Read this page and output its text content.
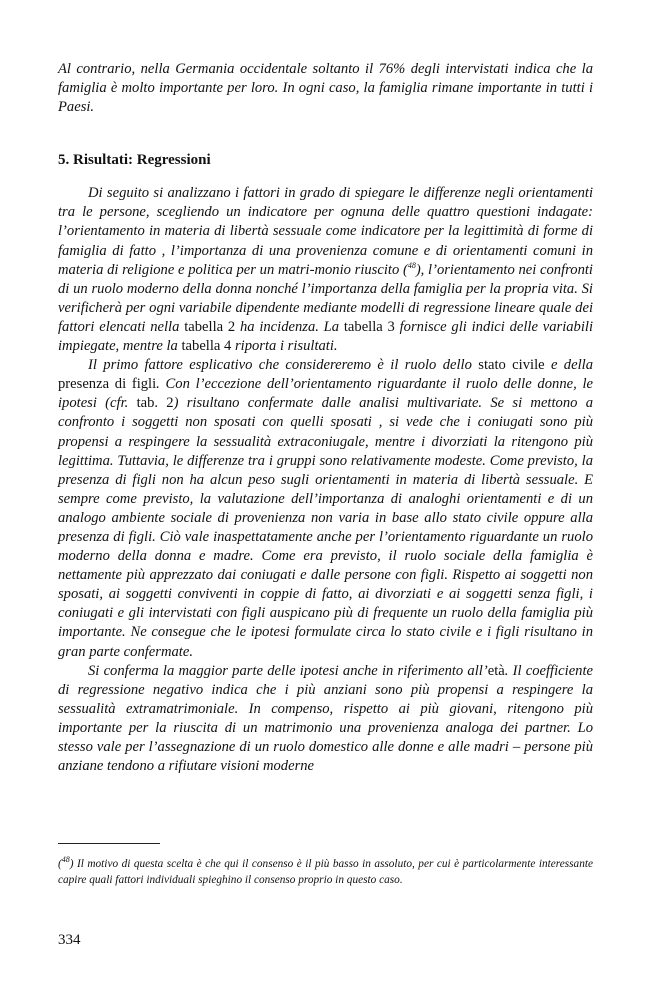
Al contrario, nella Germania occidentale soltanto il 76% degli intervistati indica che la famiglia è molto importante per loro. In ogni caso, la famiglia rimane importante in tutti i Paesi.

5. Risultati: Regressioni

Di seguito si analizzano i fattori in grado di spiegare le differenze negli orientamenti tra le persone, scegliendo un indicatore per ognuna delle quattro questioni indagate: l’orientamento in materia di libertà sessuale come indicatore per la legittimità di forme di famiglia di fatto , l’importanza di una provenienza comune e di orientamenti comuni in materia di religione e politica per un matri-monio riuscito ($^{48}$), l’orientamento nei confronti di un ruolo moderno della donna nonché l’importanza della famiglia per la propria vita. Si verificherà per ogni variabile dipendente mediante modelli di regressione lineare quale dei fattori elencati nella tabella 2 ha incidenza. La tabella 3 fornisce gli indici delle variabili impiegate, mentre la tabella 4 riporta i risultati.

Il primo fattore esplicativo che considereremo è il ruolo dello stato civile e della presenza di figli. Con l’eccezione dell’orientamento riguardante il ruolo delle donne, le ipotesi (cfr. tab. 2) risultano confermate dalle analisi multivariate. Se si mettono a confronto i soggetti non sposati con quelli sposati , si vede che i coniugati sono più propensi a respingere la sessualità extraconiugale, mentre i divorziati la ritengono più legittima. Tuttavia, le differenze tra i gruppi sono relativamente modeste. Come previsto, la presenza di figli non ha alcun peso sugli orientamenti in materia di libertà sessuale. E sempre come previsto, la valutazione dell’importanza di analoghi orientamenti e di un analogo ambiente sociale di provenienza non varia in base allo stato civile oppure alla presenza di figli. Ciò vale inaspettatamente anche per l’orientamento riguardante un ruolo moderno della donna e madre. Come era previsto, il ruolo sociale della famiglia è nettamente più apprezzato dai coniugati e dalle persone con figli. Rispetto ai soggetti non sposati, ai soggetti conviventi in coppie di fatto, ai divorziati e ai soggetti senza figli, i coniugati e gli intervistati con figli auspicano più di frequente un ruolo della famiglia più importante. Ne consegue che le ipotesi formulate circa lo stato civile e i figli risultano in gran parte confermate.

Si conferma la maggior parte delle ipotesi anche in riferimento all’età. Il coefficiente di regressione negativo indica che i più anziani sono più propensi a respingere la sessualità extramatrimoniale. In compenso, rispetto ai più giovani, ritengono più importante per la riuscita di un matrimonio una provenienza analoga dei partner. Lo stesso vale per l’assegnazione di un ruolo domestico alle donne e alle madri – persone più anziane tendono a rifiutare visioni moderne

($^{48}$) Il motivo di questa scelta è che qui il consenso è il più basso in assoluto, per cui è particolarmente interessante capire quali fattori individuali spieghino il consenso proprio in questo caso.
334
